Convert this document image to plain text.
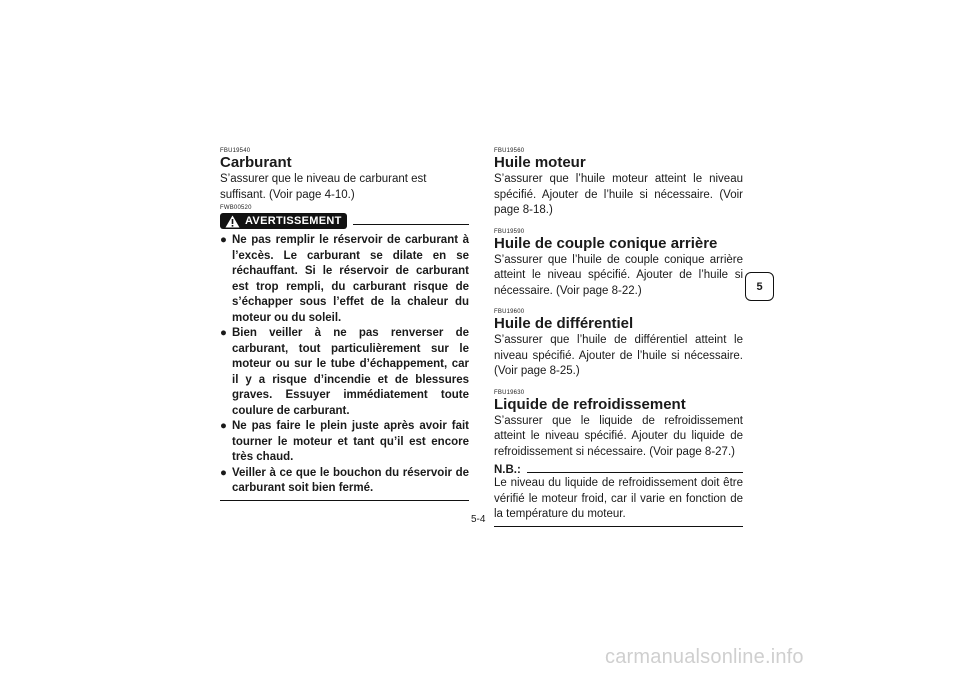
FBU19540
Carburant

S’assurer que le niveau de carburant est suffisant. (Voir page 4-10.)

FWB00520
AVERTISSEMENT
● Ne pas remplir le réservoir de carburant à l’excès. Le carburant se dilate en se réchauffant. Si le réservoir de carburant est trop rempli, du carburant risque de s’échapper sous l’effet de la chaleur du moteur ou du soleil.
● Bien veiller à ne pas renverser de carburant, tout particulièrement sur le moteur ou sur le tube d’échappement, car il y a risque d’incendie et de blessures graves. Essuyer immédiatement toute coulure de carburant.
● Ne pas faire le plein juste après avoir fait tourner le moteur et tant qu’il est encore très chaud.
● Veiller à ce que le bouchon du réservoir de carburant soit bien fermé.
FBU19560
Huile moteur

S’assurer que l’huile moteur atteint le niveau spécifié. Ajouter de l’huile si nécessaire. (Voir page 8-18.)

FBU19590
Huile de couple conique arrière

S’assurer que l’huile de couple conique arrière atteint le niveau spécifié. Ajouter de l’huile si nécessaire. (Voir page 8-22.)

FBU19600
Huile de différentiel

S’assurer que l’huile de différentiel atteint le niveau spécifié. Ajouter de l’huile si nécessaire. (Voir page 8-25.)

FBU19630
Liquide de refroidissement

S’assurer que le liquide de refroidissement atteint le niveau spécifié. Ajouter du liquide de refroidissement si nécessaire. (Voir page 8-27.)

N.B.:

Le niveau du liquide de refroidissement doit être vérifié le moteur froid, car il varie en fonction de la température du moteur.

5
5-4
carmanualsonline.info
